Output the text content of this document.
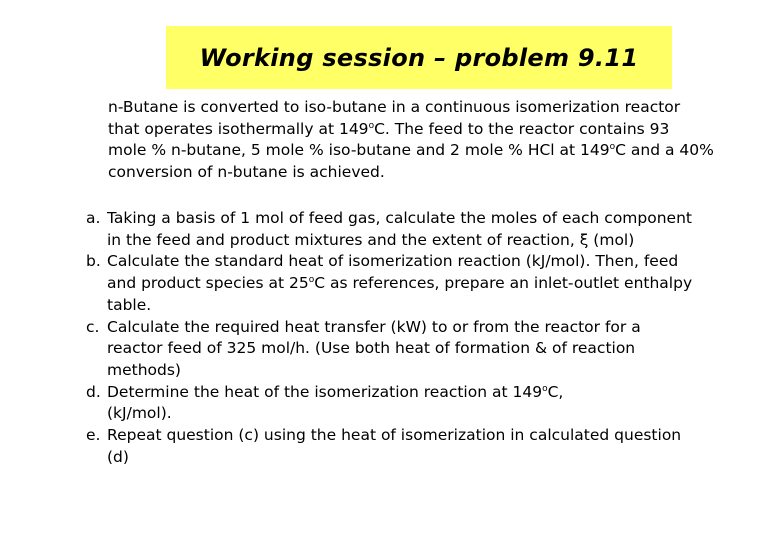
Working session – problem 9.11
n-Butane is converted to iso-butane in a continuous isomerization reactor
that operates isothermally at 149$^o$C. The feed to the reactor contains 93
mole % n-butane, 5 mole % iso-butane and 2 mole % HCl at 149$^o$C and a 40%
conversion of n-butane is achieved.
a. Taking a basis of 1 mol of feed gas, calculate the moles of each component
in the feed and product mixtures and the extent of reaction, ξ (mol)
b. Calculate the standard heat of isomerization reaction (kJ/mol). Then, feed
and product species at 25$^o$C as references, prepare an inlet-outlet enthalpy
table.
c. Calculate the required heat transfer (kW) to or from the reactor for a
reactor feed of 325 mol/h. (Use both heat of formation & of reaction
methods)
d. Determine the heat of the isomerization reaction at 149$^o$C,
(kJ/mol).
e. Repeat question (c) using the heat of isomerization in calculated question
(d)
